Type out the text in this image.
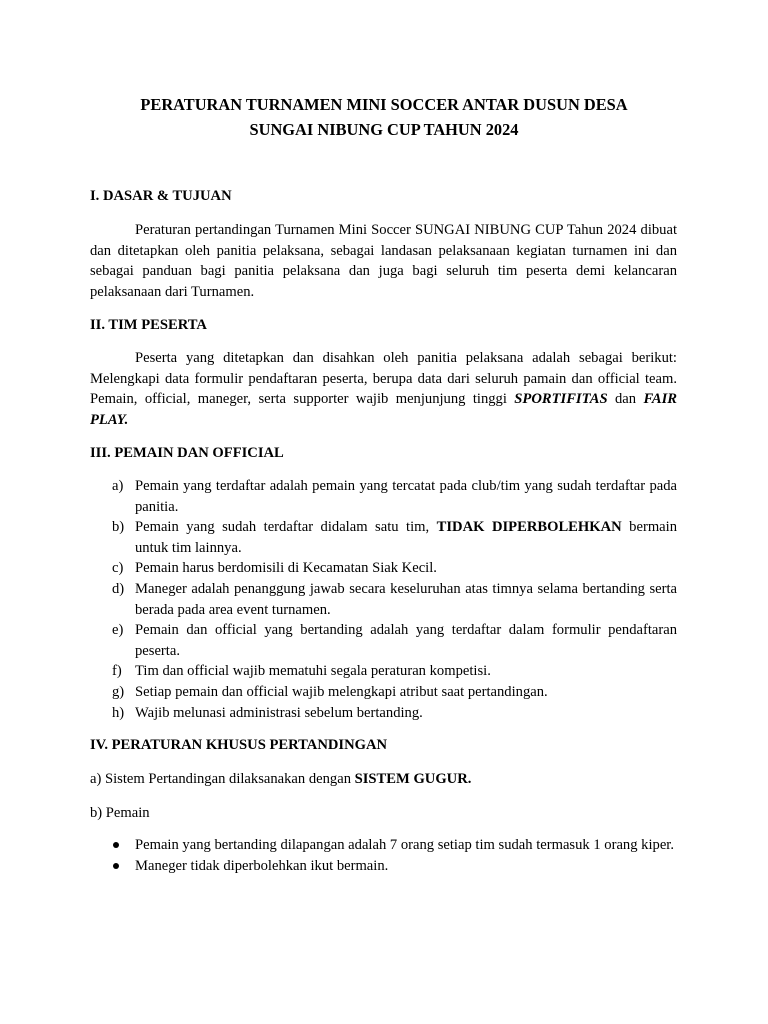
PERATURAN TURNAMEN MINI SOCCER ANTAR DUSUN DESA
SUNGAI NIBUNG CUP TAHUN 2024
I. DASAR & TUJUAN

Peraturan pertandingan Turnamen Mini Soccer SUNGAI NIBUNG CUP Tahun 2024 dibuat dan ditetapkan oleh panitia pelaksana, sebagai landasan pelaksanaan kegiatan turnamen ini dan sebagai panduan bagi panitia pelaksana dan juga bagi seluruh tim peserta demi kelancaran pelaksanaan dari Turnamen.

II. TIM PESERTA

Peserta yang ditetapkan dan disahkan oleh panitia pelaksana adalah sebagai berikut: Melengkapi data formulir pendaftaran peserta, berupa data dari seluruh pamain dan official team. Pemain, official, maneger, serta supporter wajib menjunjung tinggi SPORTIFITAS dan FAIR PLAY.

III. PEMAIN DAN OFFICIAL
a) Pemain yang terdaftar adalah pemain yang tercatat pada club/tim yang sudah terdaftar pada panitia.
b) Pemain yang sudah terdaftar didalam satu tim, TIDAK DIPERBOLEHKAN bermain untuk tim lainnya.
c) Pemain harus berdomisili di Kecamatan Siak Kecil.
d) Maneger adalah penanggung jawab secara keseluruhan atas timnya selama bertanding serta berada pada area event turnamen.
e) Pemain dan official yang bertanding adalah yang terdaftar dalam formulir pendaftaran peserta.
f) Tim dan official wajib mematuhi segala peraturan kompetisi.
g) Setiap pemain dan official wajib melengkapi atribut saat pertandingan.
h) Wajib melunasi administrasi sebelum bertanding.
IV. PERATURAN KHUSUS PERTANDINGAN

a) Sistem Pertandingan dilaksanakan dengan SISTEM GUGUR.

b) Pemain

Pemain yang bertanding dilapangan adalah 7 orang setiap tim sudah termasuk 1 orang kiper.
Maneger tidak diperbolehkan ikut bermain.
